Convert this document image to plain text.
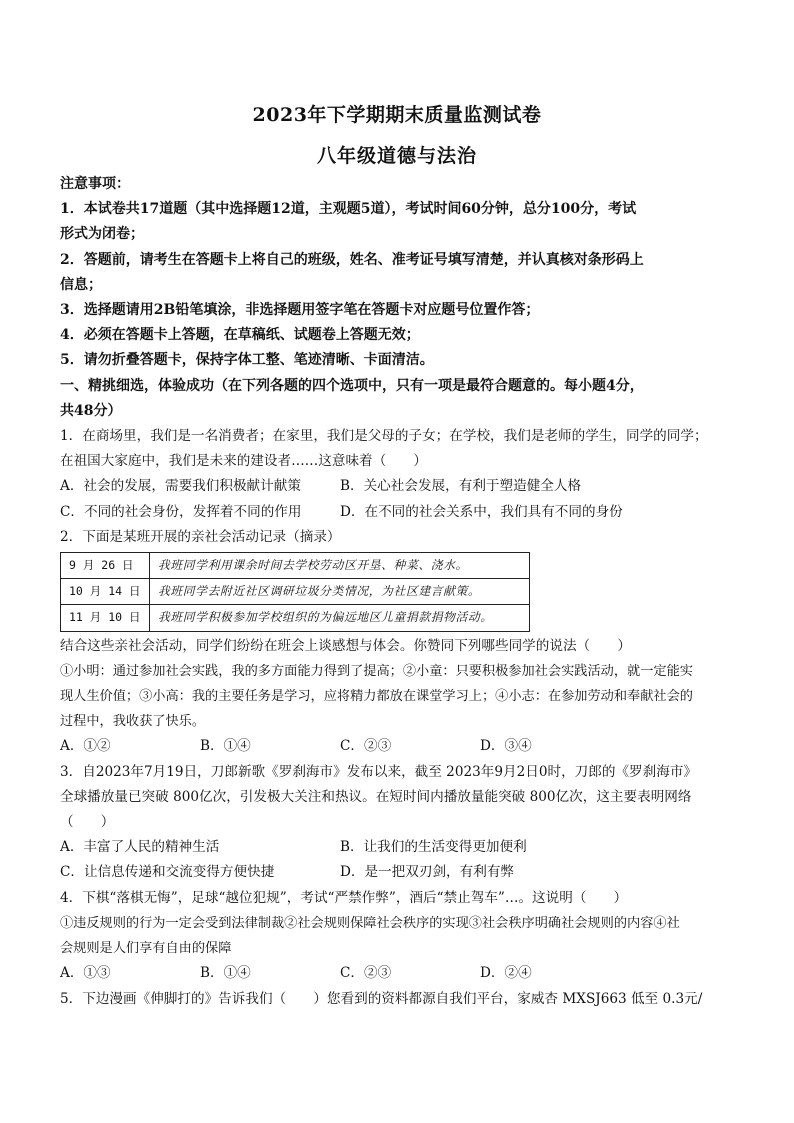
2023年下学期期末质量监测试卷
八年级道德与法治
注意事项：
1．本试卷共17道题（其中选择题12道，主观题5道），考试时间60分钟，总分100分，考试
形式为闭卷；
2．答题前，请考生在答题卡上将自己的班级，姓名、准考证号填写清楚，并认真核对条形码上
信息；
3．选择题请用2B铅笔填涂，非选择题用签字笔在答题卡对应题号位置作答；
4．必须在答题卡上答题，在草稿纸、试题卷上答题无效；
5．请勿折叠答题卡，保持字体工整、笔迹清晰、卡面清洁。
一、精挑细选，体验成功（在下列各题的四个选项中，只有一项是最符合题意的。每小题4分，
共48分）
1．在商场里，我们是一名消费者；在家里，我们是父母的子女；在学校，我们是老师的学生，同学的同学；
在祖国大家庭中，我们是未来的建设者……这意味着（　　）
A．社会的发展，需要我们积极献计献策	B．关心社会发展，有利于塑造健全人格
C．不同的社会身份，发挥着不同的作用	D．在不同的社会关系中，我们具有不同的身份
2．下面是某班开展的亲社会活动记录（摘录）
9 月 26 日	我班同学利用课余时间去学校劳动区开垦、种菜、浇水。
10 月 14 日	我班同学去附近社区调研垃圾分类情况，为社区建言献策。
11 月 10 日	我班同学积极参加学校组织的为偏远地区儿童捐款捐物活动。
结合这些亲社会活动，同学们纷纷在班会上谈感想与体会。你赞同下列哪些同学的说法（　　）
①小明：通过参加社会实践，我的多方面能力得到了提高；②小童：只要积极参加社会实践活动，就一定能实
现人生价值；③小高：我的主要任务是学习，应将精力都放在课堂学习上；④小志：在参加劳动和奉献社会的
过程中，我收获了快乐。
A．①②	B．①④	C．②③	D．③④
3．自2023年7月19日，刀郎新歌《罗刹海市》发布以来，截至 2023年9月2日0时，刀郎的《罗刹海市》
全球播放量已突破 800亿次，引发极大关注和热议。在短时间内播放量能突破 800亿次，这主要表明网络
（　　）
A．丰富了人民的精神生活	B．让我们的生活变得更加便利
C．让信息传递和交流变得方便快捷	D．是一把双刃剑，有利有弊
4．下棋“落棋无悔”，足球“越位犯规”，考试“严禁作弊”，酒后“禁止驾车”…。这说明（　　）
①违反规则的行为一定会受到法律制裁②社会规则保障社会秩序的实现③社会秩序明确社会规则的内容④社
会规则是人们享有自由的保障
A．①③	B．①④	C．②③	D．②④
5．下边漫画《伸脚打的》告诉我们（　　）您看到的资料都源自我们平台，家威杏 MXSJ663 低至 0.3元/
